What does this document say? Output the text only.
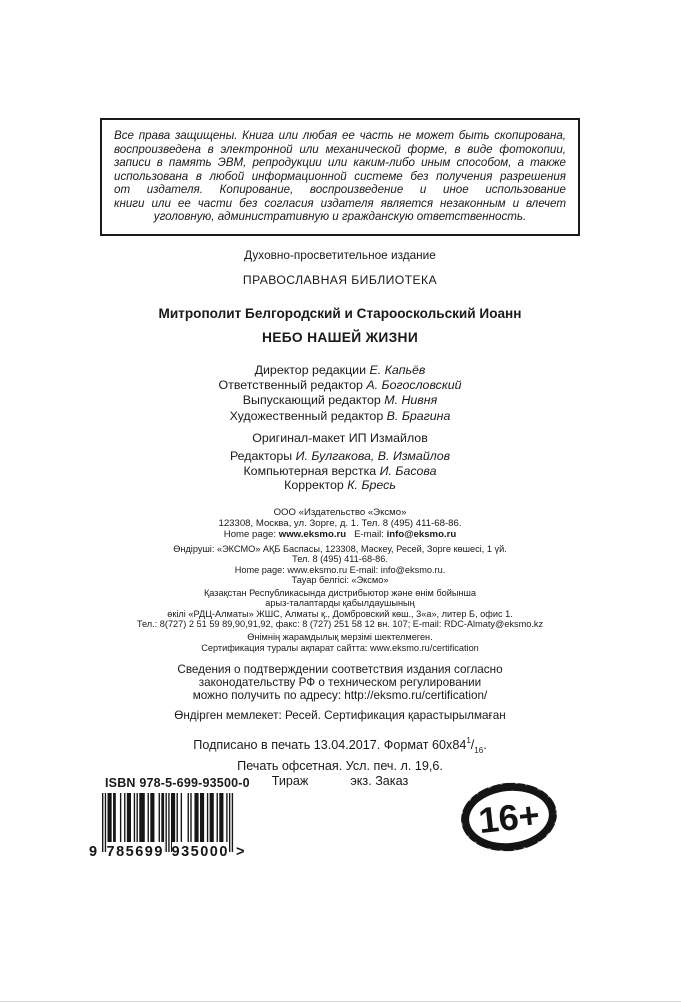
Все права защищены. Книга или любая ее часть не может быть скопирована,
воспроизведена в электронной или механической форме, в виде фотокопии,
записи в память ЭВМ, репродукции или каким-либо иным способом, а также
использована в любой информационной системе без получения разрешения
от издателя. Копирование, воспроизведение и иное использование
книги или ее части без согласия издателя является незаконным и влечет
уголовную, административную и гражданскую ответственность.
Духовно-просветительное издание
ПРАВОСЛАВНАЯ БИБЛИОТЕКА
Митрополит Белгородский и Старооскольский Иоанн
НЕБО НАШЕЙ ЖИЗНИ
Директор редакции Е. Капьёв
Ответственный редактор А. Богословский
Выпускающий редактор М. Нивня
Художественный редактор В. Брагина
Оригинал-макет ИП Измайлов
Редакторы И. Булгакова, В. Измайлов
Компьютерная верстка И. Басова
Корректор К. Бресь
ООО «Издательство «Эксмо»
123308, Москва, ул. Зорге, д. 1. Тел. 8 (495) 411-68-86.
Home page: www.eksmo.ru   E-mail: info@eksmo.ru
Өндіруші: «ЭКСМО» АҚБ Баспасы, 123308, Мәскеу, Ресей, Зорге көшесі, 1 үй.
Тел. 8 (495) 411-68-86.
Home page: www.eksmo.ru E-mail: info@eksmo.ru.
Тауар белгісі: «Эксмо»
Қазақстан Республикасында дистрибьютор және өнім бойынша
арыз-талаптарды қабылдаушының
өкілі «РДЦ-Алматы» ЖШС, Алматы қ., Домбровский көш., 3«а», литер Б, офис 1.
Тел.: 8(727) 2 51 59 89,90,91,92, факс: 8 (727) 251 58 12 вн. 107; E-mail: RDC-Almaty@eksmo.kz
Өнімнің жарамдылық мерзімі шектелмеген.
Сертификация туралы ақпарат сайтта: www.eksmo.ru/certification
Сведения о подтверждении соответствия издания согласно
законодательству РФ о техническом регулировании
можно получить по адресу: http://eksmo.ru/certification/
Өндірген мемлекет: Ресей. Сертификация қарастырылмаған
Подписано в печать 13.04.2017. Формат $60x84^1/_{16}$.
Печать офсетная. Усл. печ. л. 19,6.
Тираж            экз. Заказ
ISBN 978-5-699-93500-0
9 785699 935000 >
16+
